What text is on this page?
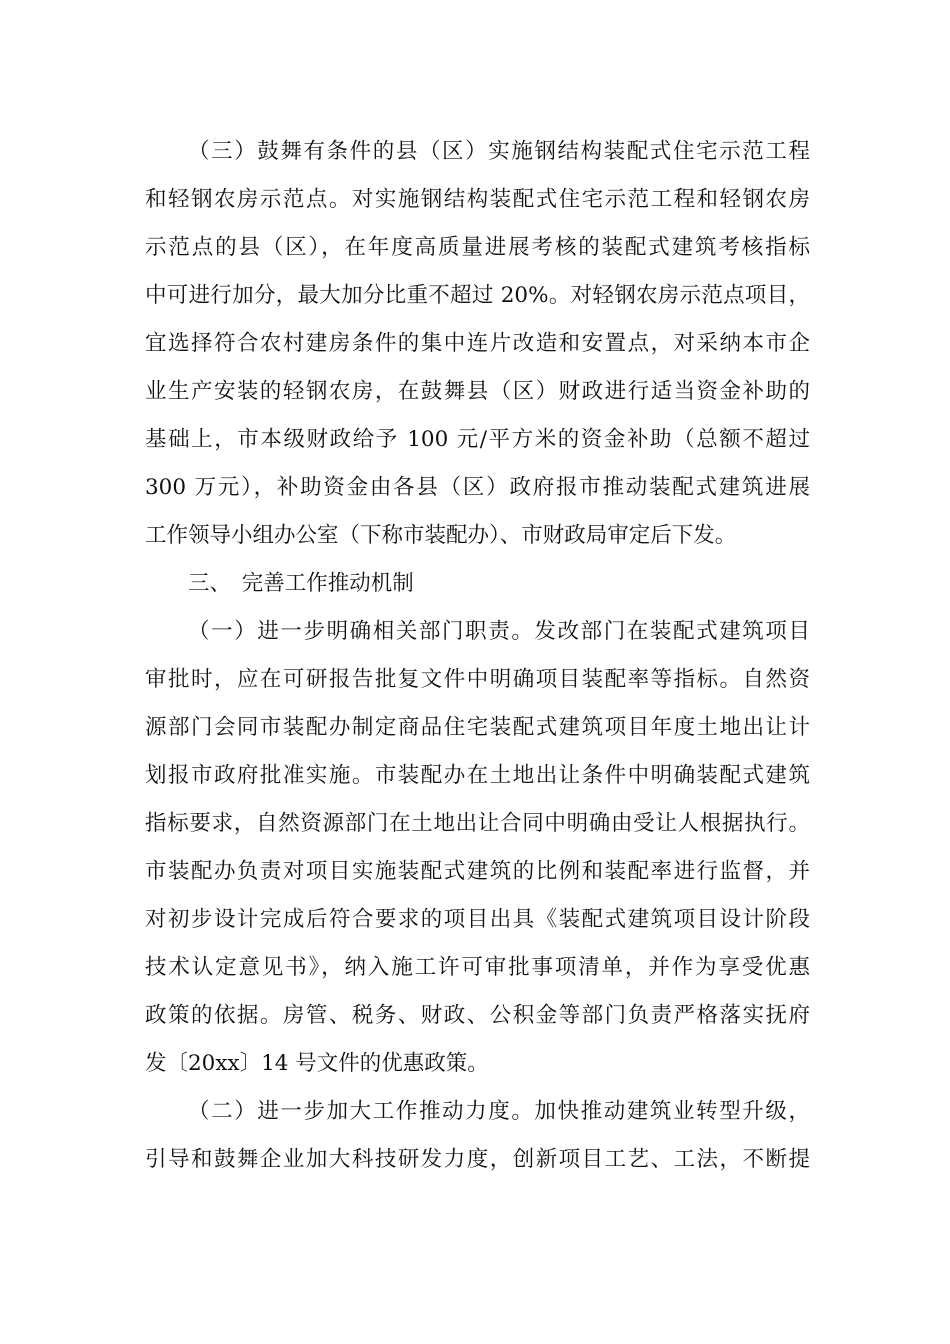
（三）鼓舞有条件的县（区）实施钢结构装配式住宅示范工程
和轻钢农房示范点。对实施钢结构装配式住宅示范工程和轻钢农房
示范点的县（区），在年度高质量进展考核的装配式建筑考核指标
中可进行加分，最大加分比重不超过 20%。对轻钢农房示范点项目，
宜选择符合农村建房条件的集中连片改造和安置点，对采纳本市企
业生产安装的轻钢农房，在鼓舞县（区）财政进行适当资金补助的
基础上，市本级财政给予 100 元/平方米的资金补助（总额不超过
300 万元），补助资金由各县（区）政府报市推动装配式建筑进展
工作领导小组办公室（下称市装配办）、市财政局审定后下发。
三、　完善工作推动机制
（一）进一步明确相关部门职责。发改部门在装配式建筑项目
审批时，应在可研报告批复文件中明确项目装配率等指标。自然资
源部门会同市装配办制定商品住宅装配式建筑项目年度土地出让计
划报市政府批准实施。市装配办在土地出让条件中明确装配式建筑
指标要求，自然资源部门在土地出让合同中明确由受让人根据执行。
市装配办负责对项目实施装配式建筑的比例和装配率进行监督，并
对初步设计完成后符合要求的项目出具《装配式建筑项目设计阶段
技术认定意见书》，纳入施工许可审批事项清单，并作为享受优惠
政策的依据。房管、税务、财政、公积金等部门负责严格落实抚府
发〔20xx〕14 号文件的优惠政策。
（二）进一步加大工作推动力度。加快推动建筑业转型升级，
引导和鼓舞企业加大科技研发力度，创新项目工艺、工法，不断提
